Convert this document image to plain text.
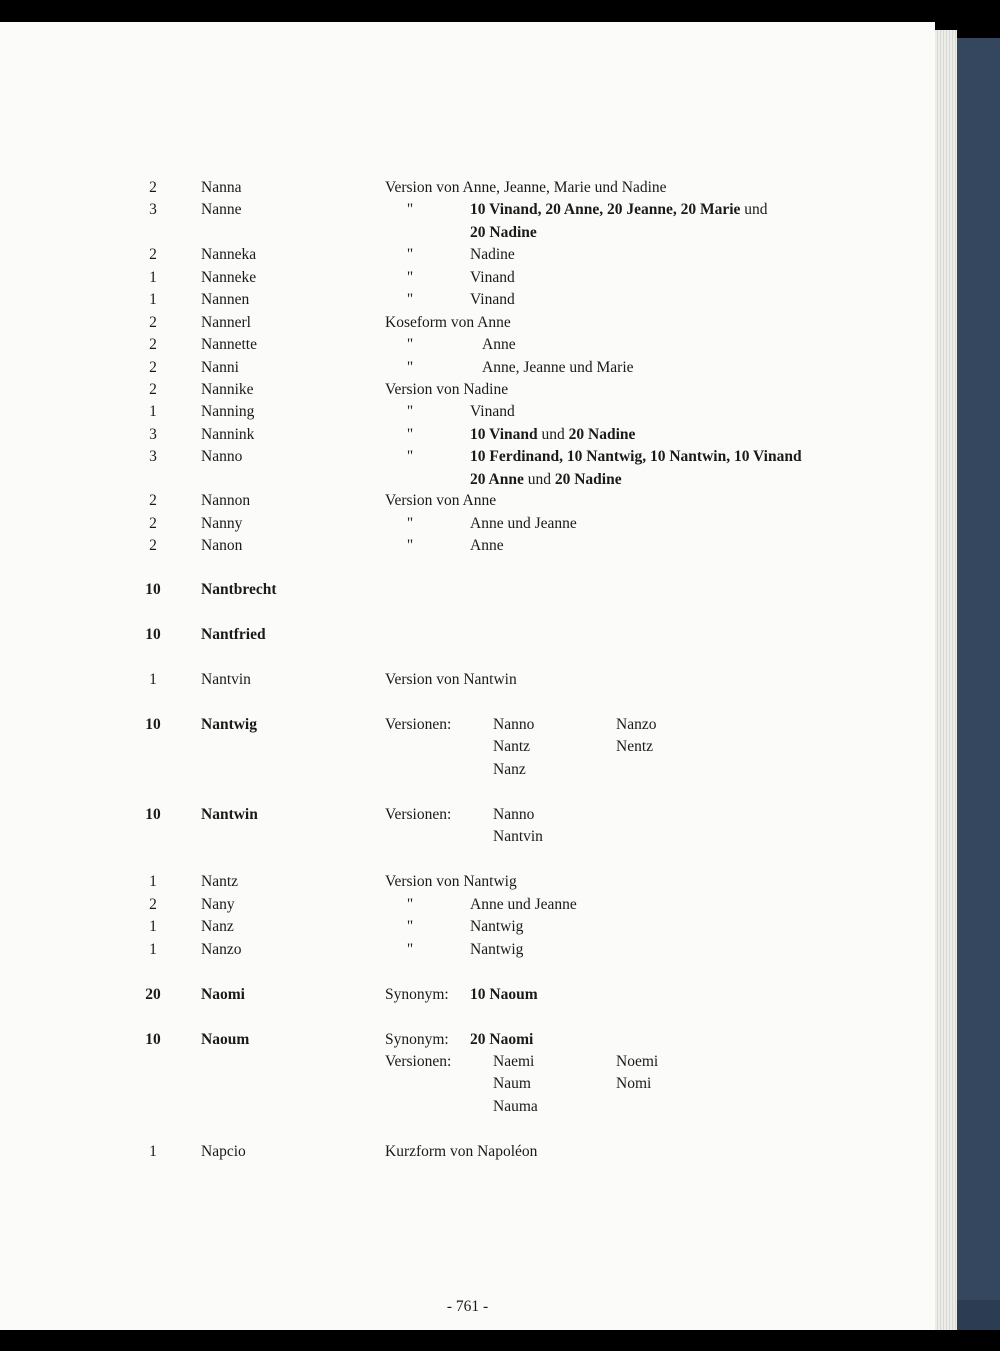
2	Nanna	Version von Anne, Jeanne, Marie und Nadine
3	Nanne	"	10 Vinand, 20 Anne, 20 Jeanne, 20 Marie und
20 Nadine
2	Nanneka	"	Nadine
1	Nanneke	"	Vinand
1	Nannen	"	Vinand
2	Nannerl	Koseform von Anne
2	Nannette	"	Anne
2	Nanni	"	Anne, Jeanne und Marie
2	Nannike	Version von Nadine
1	Nanning	"	Vinand
3	Nannink	"	10 Vinand und 20 Nadine
3	Nanno	"	10 Ferdinand, 10 Nantwig, 10 Nantwin, 10 Vinand
20 Anne und 20 Nadine
2	Nannon	Version von Anne
2	Nanny	"	Anne und Jeanne
2	Nanon	"	Anne
10	Nantbrecht
10	Nantfried
1	Nantvin	Version von Nantwin
10	Nantwig	Versionen:	Nanno	Nanzo
Nantz	Nentz
Nanz
10	Nantwin	Versionen:	Nanno
Nantvin
1	Nantz	Version von Nantwig
2	Nany	"	Anne und Jeanne
1	Nanz	"	Nantwig
1	Nanzo	"	Nantwig
20	Naomi	Synonym: 10 Naoum
10	Naoum	Synonym: 20 Naomi
Versionen:	Naemi	Noemi
Naum	Nomi
Nauma
1	Napcio	Kurzform von Napoléon
- 761 -
